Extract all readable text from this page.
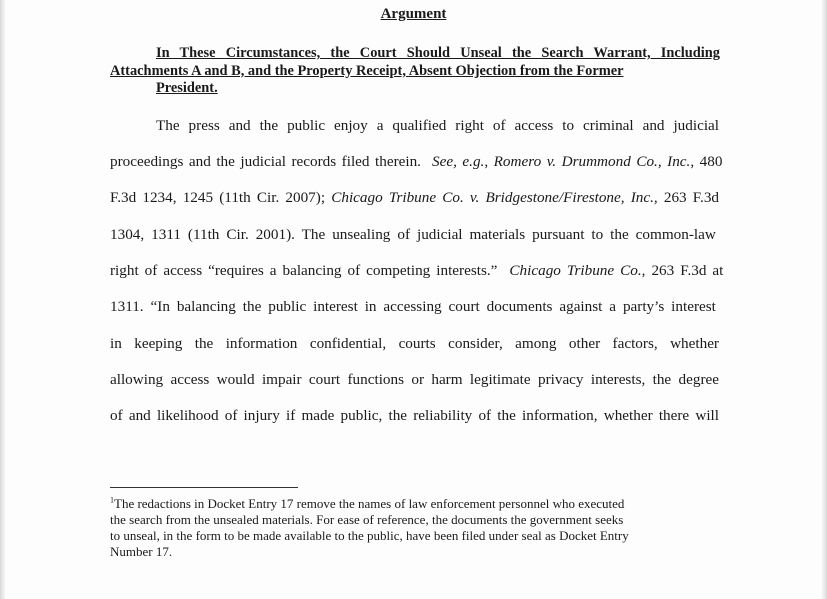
Argument
In These Circumstances, the Court Should Unseal the Search Warrant, Including Attachments A and B, and the Property Receipt, Absent Objection from the Former
President.
The press and the public enjoy a qualified right of access to criminal and judicial
proceedings and the judicial records filed therein. See, e.g., Romero v. Drummond Co., Inc., 480
F.3d 1234, 1245 (11th Cir. 2007); Chicago Tribune Co. v. Bridgestone/Firestone, Inc., 263 F.3d
1304, 1311 (11th Cir. 2001). The unsealing of judicial materials pursuant to the common-law
right of access “requires a balancing of competing interests.” Chicago Tribune Co., 263 F.3d at
1311. “In balancing the public interest in accessing court documents against a party’s interest
in keeping the information confidential, courts consider, among other factors, whether
allowing access would impair court functions or harm legitimate privacy interests, the degree
of and likelihood of injury if made public, the reliability of the information, whether there will
$^1$The redactions in Docket Entry 17 remove the names of law enforcement personnel who executed
the search from the unsealed materials. For ease of reference, the documents the government seeks
to unseal, in the form to be made available to the public, have been filed under seal as Docket Entry
Number 17.
